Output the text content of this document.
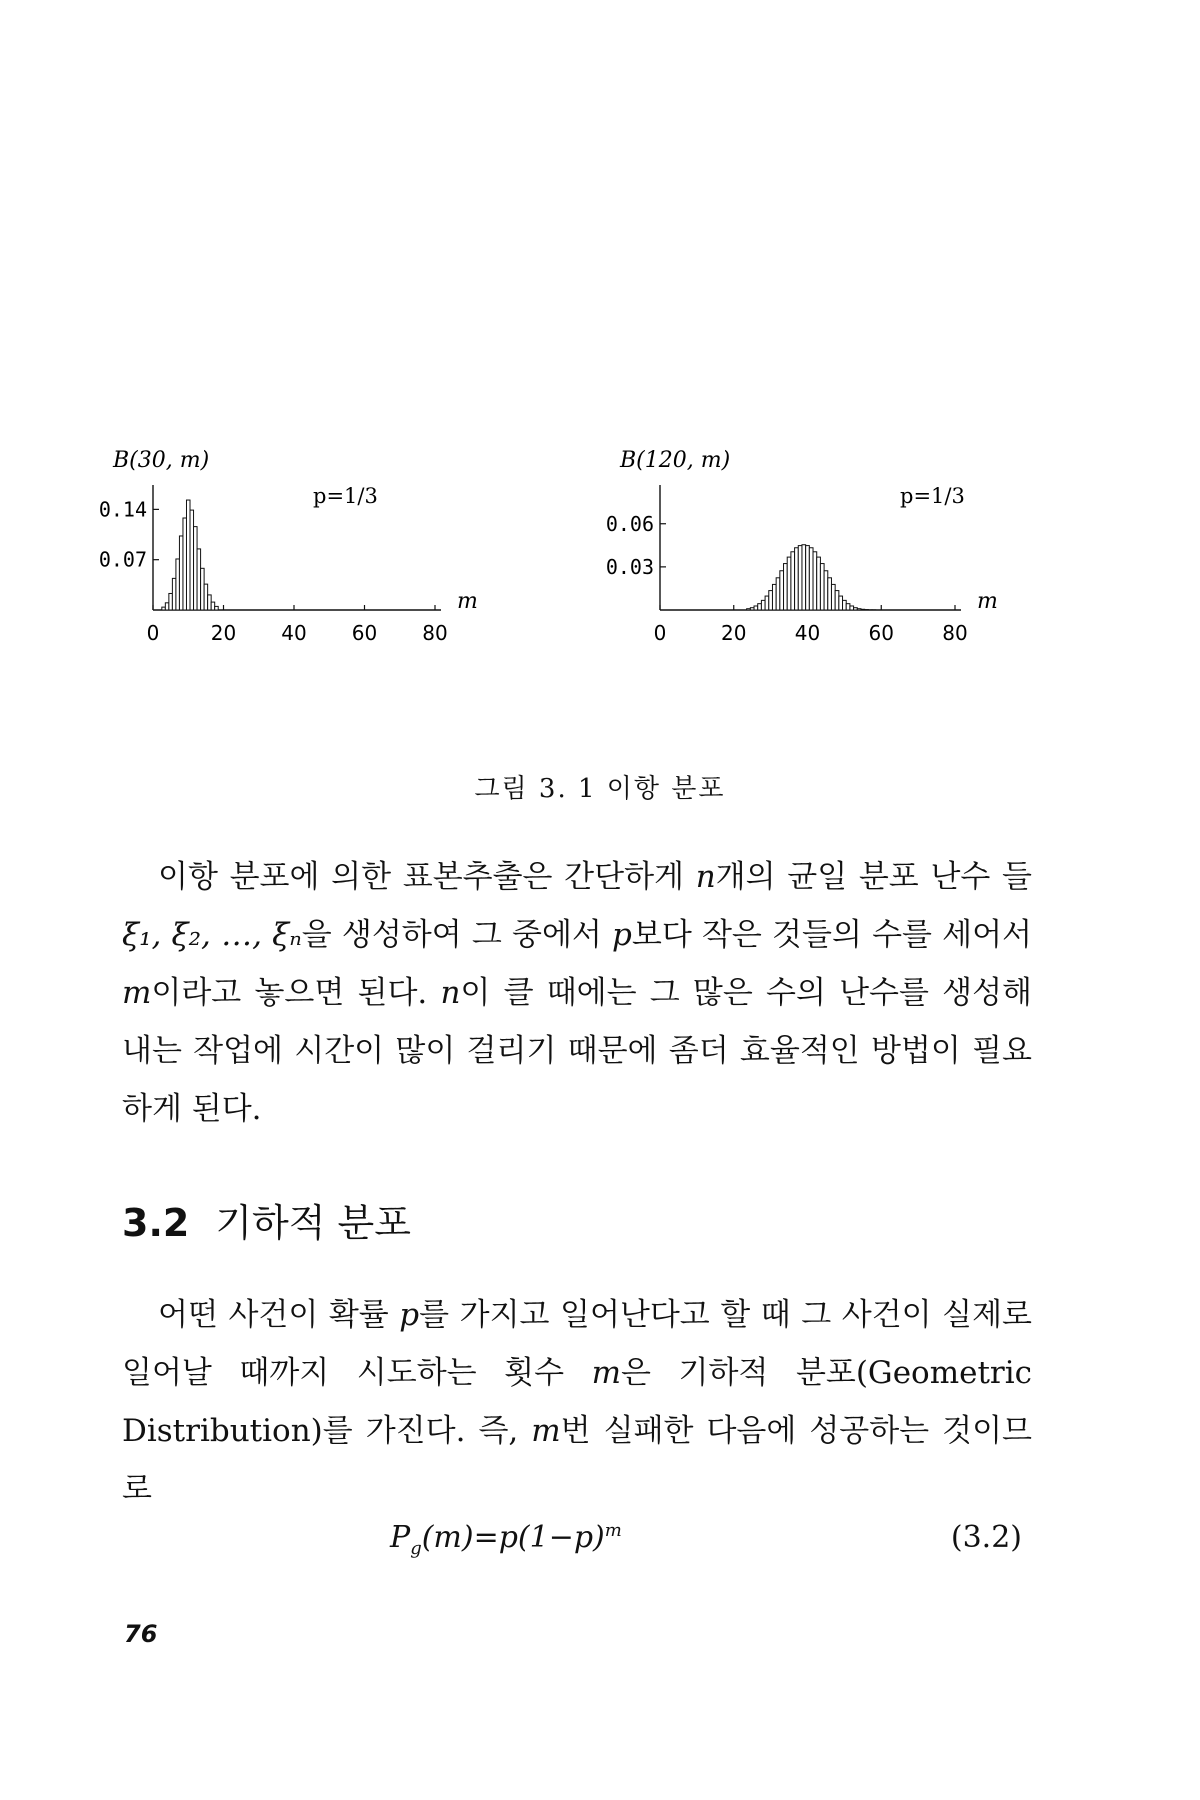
B(30, m)
0.07
0.14
0	20 40 60 80
m
p=1/3
B(120, m)
0.03
0.06
0	20 40 60 80
m
p=1/3
그림 3. 1 이항 분포

이항 분포에 의한 표본추출은 간단하게 n개의 균일 분포 난수 들 ξ₁, ξ₂, …, ξₙ을 생성하여 그 중에서 p보다 작은 것들의 수를 세어서 m이라고 놓으면 된다. n이 클 때에는 그 많은 수의 난수를 생성해 내는 작업에 시간이 많이 걸리기 때문에 좀더 효율적인 방법이 필요하게 된다.

3.2 기하적 분포

어떤 사건이 확률 p를 가지고 일어난다고 할 때 그 사건이 실제로 일어날 때까지 시도하는 횟수 m은 기하적 분포(Geometric Distribution)를 가진다. 즉, m번 실패한 다음에 성공하는 것이므로

$P_g(m)=p(1-p)^m$	(3.2)
76
